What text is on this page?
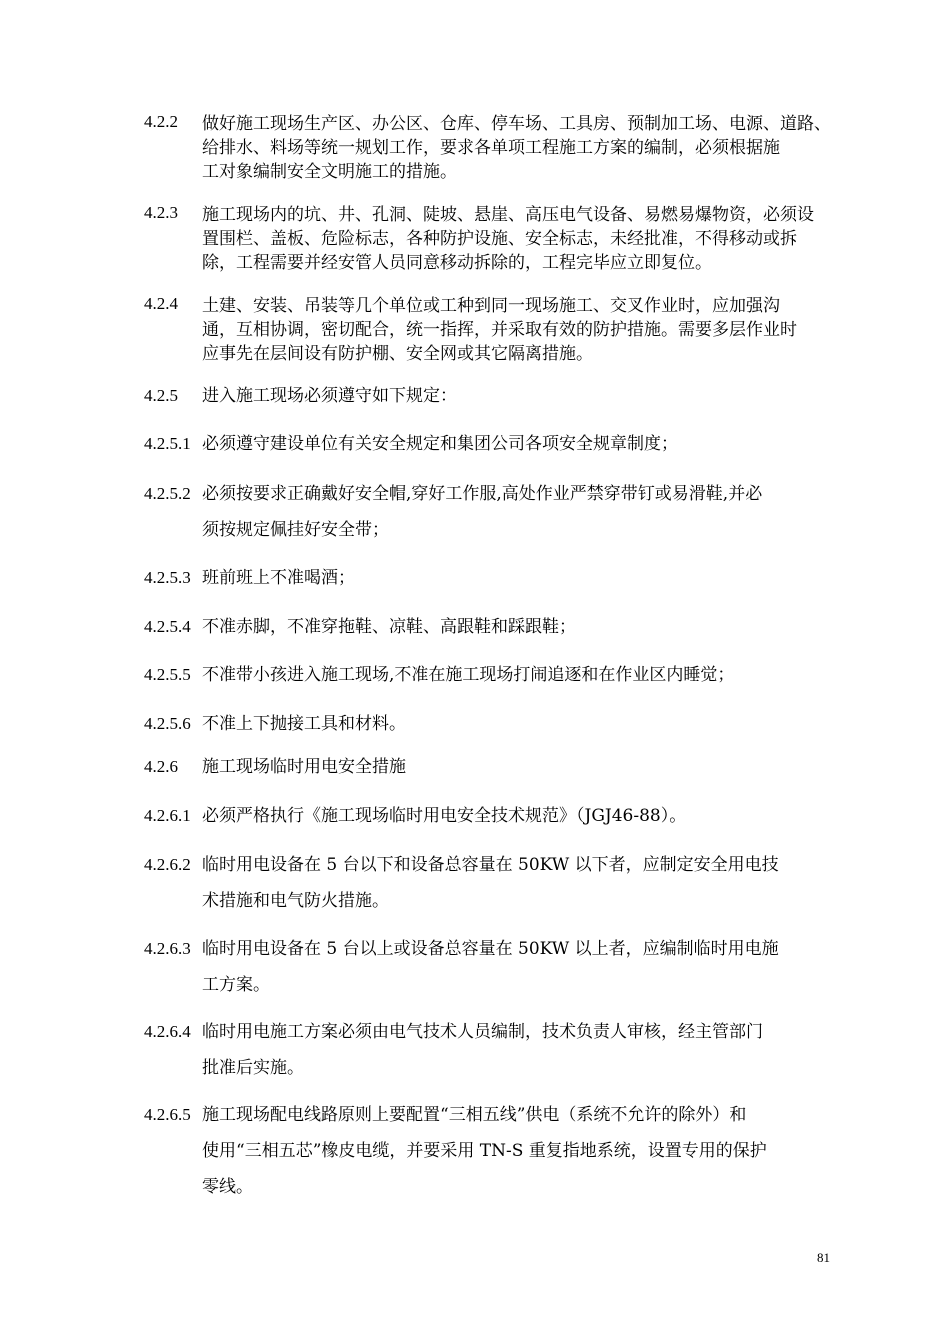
4.2.2 做好施工现场生产区、办公区、仓库、停车场、工具房、预制加工场、电源、道路、
给排水、料场等统一规划工作，要求各单项工程施工方案的编制，必须根据施
工对象编制安全文明施工的措施。
4.2.3 施工现场内的坑、井、孔洞、陡坡、悬崖、高压电气设备、易燃易爆物资，必须设
置围栏、盖板、危险标志，各种防护设施、安全标志，未经批准，不得移动或拆
除，工程需要并经安管人员同意移动拆除的，工程完毕应立即复位。
4.2.4 土建、安装、吊装等几个单位或工种到同一现场施工、交叉作业时，应加强沟
通，互相协调，密切配合，统一指挥，并采取有效的防护措施。需要多层作业时
应事先在层间设有防护棚、安全网或其它隔离措施。
4.2.5 进入施工现场必须遵守如下规定：
4.2.5.1 必须遵守建设单位有关安全规定和集团公司各项安全规章制度；
4.2.5.2 必须按要求正确戴好安全帽,穿好工作服,高处作业严禁穿带钉或易滑鞋,并必
须按规定佩挂好安全带；
4.2.5.3 班前班上不准喝酒；
4.2.5.4 不准赤脚，不准穿拖鞋、凉鞋、高跟鞋和踩跟鞋；
4.2.5.5 不准带小孩进入施工现场,不准在施工现场打闹追逐和在作业区内睡觉；
4.2.5.6 不准上下抛接工具和材料。
4.2.6 施工现场临时用电安全措施
4.2.6.1 必须严格执行《施工现场临时用电安全技术规范》（JGJ46-88）。
4.2.6.2 临时用电设备在 5 台以下和设备总容量在 50KW 以下者，应制定安全用电技
术措施和电气防火措施。
4.2.6.3 临时用电设备在 5 台以上或设备总容量在 50KW 以上者，应编制临时用电施
工方案。
4.2.6.4 临时用电施工方案必须由电气技术人员编制，技术负责人审核，经主管部门
批准后实施。
4.2.6.5 施工现场配电线路原则上要配置“三相五线”供电（系统不允许的除外）和
使用“三相五芯”橡皮电缆，并要采用 TN-S 重复指地系统，设置专用的保护
零线。
81
